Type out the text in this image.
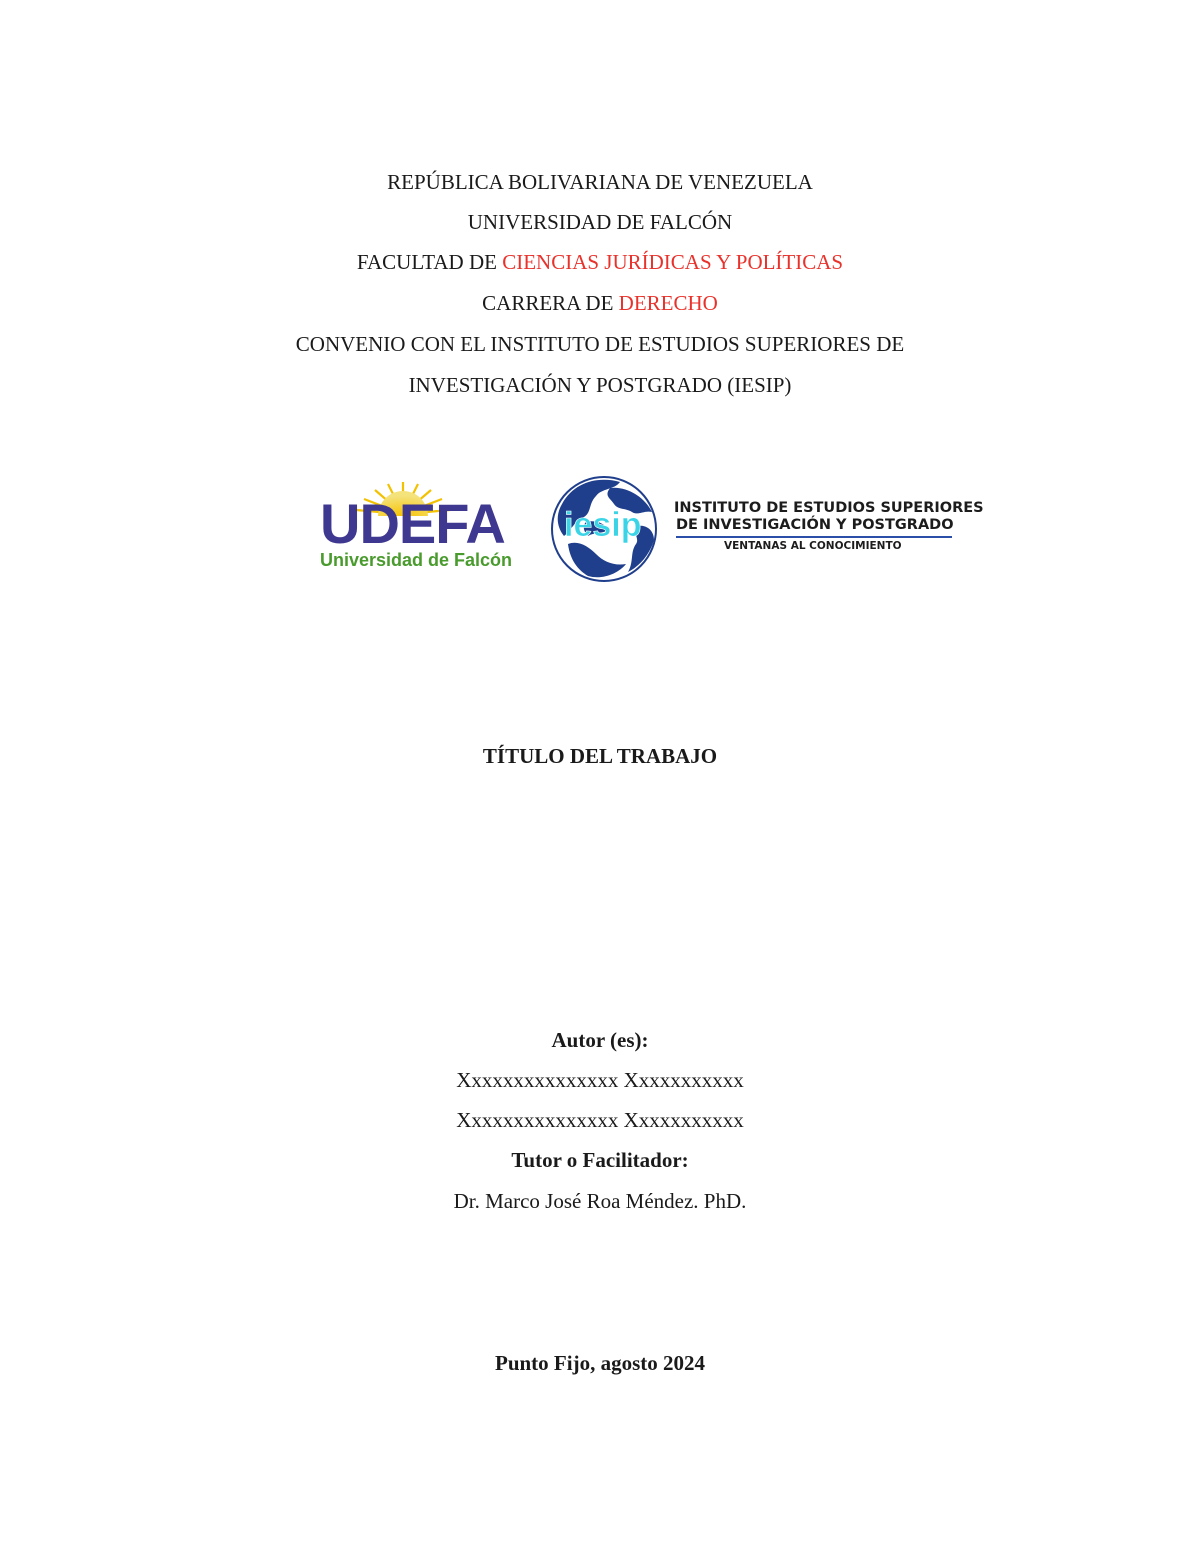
REPÚBLICA BOLIVARIANA DE VENEZUELA
UNIVERSIDAD DE FALCÓN
FACULTAD DE CIENCIAS JURÍDICAS Y POLÍTICAS
CARRERA DE DERECHO
CONVENIO CON EL INSTITUTO DE ESTUDIOS SUPERIORES DE
INVESTIGACIÓN Y POSTGRADO (IESIP)
UDEFA
Universidad de Falcón
iesip INSTITUTO DE ESTUDIOS SUPERIORES
DE INVESTIGACIÓN Y POSTGRADO
VENTANAS AL CONOCIMIENTO
TÍTULO DEL TRABAJO
Autor (es):
Xxxxxxxxxxxxxxx Xxxxxxxxxxx
Xxxxxxxxxxxxxxx Xxxxxxxxxxx
Tutor o Facilitador:
Dr. Marco José Roa Méndez. PhD.
Punto Fijo, agosto 2024
